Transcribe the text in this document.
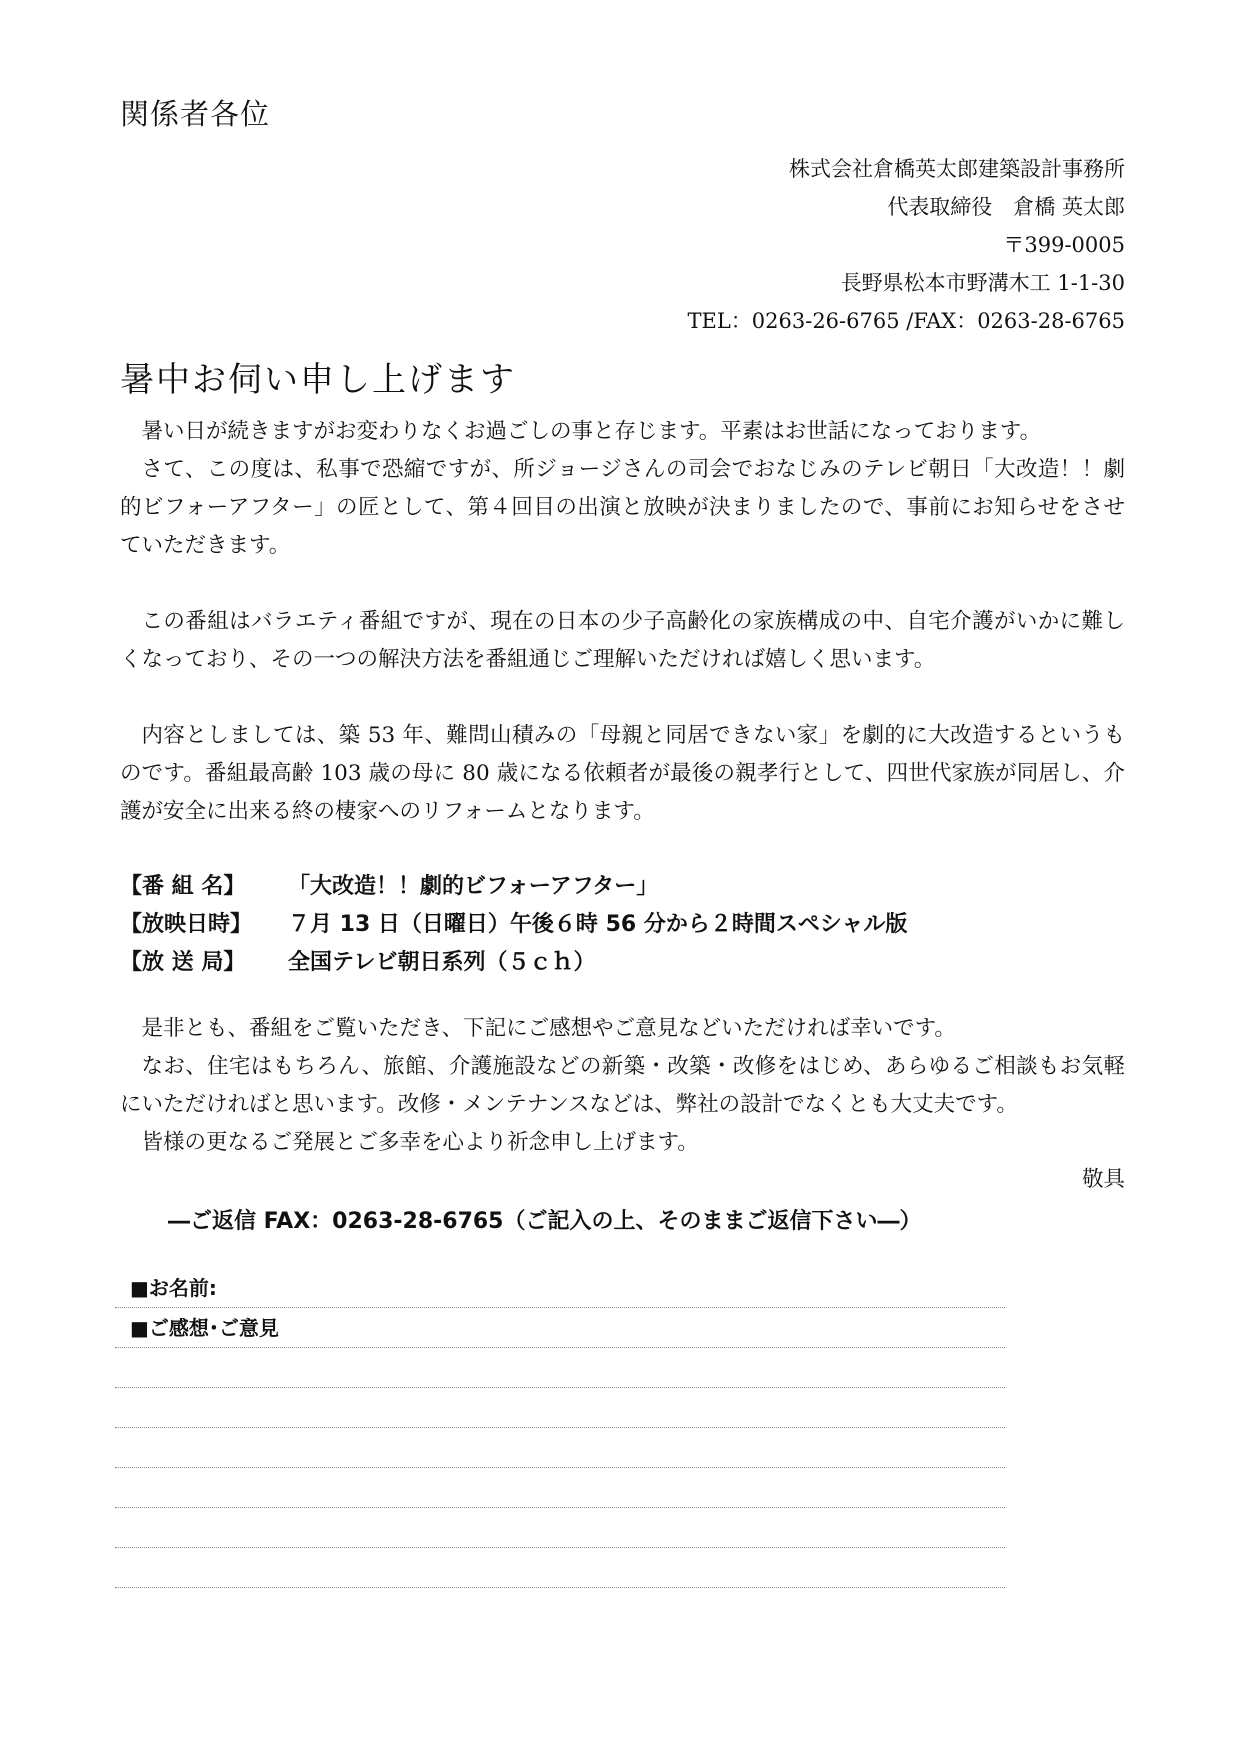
関係者各位
株式会社倉橋英太郎建築設計事務所
代表取締役　倉橋 英太郎
〒399-0005
長野県松本市野溝木工 1-1-30
TEL：0263-26-6765 /FAX：0263-28-6765
暑中お伺い申し上げます

暑い日が続きますがお変わりなくお過ごしの事と存じます。平素はお世話になっております。

さて、この度は、私事で恐縮ですが、所ジョージさんの司会でおなじみのテレビ朝日「大改造！！劇的ビフォーアフター」の匠として、第４回目の出演と放映が決まりましたので、事前にお知らせをさせていただきます。

この番組はバラエティ番組ですが、現在の日本の少子高齢化の家族構成の中、自宅介護がいかに難しくなっており、その一つの解決方法を番組通じご理解いただければ嬉しく思います。

内容としましては、築 53 年、難問山積みの「母親と同居できない家」を劇的に大改造するというものです。番組最高齢 103 歳の母に 80 歳になる依頼者が最後の親孝行として、四世代家族が同居し、介護が安全に出来る終の棲家へのリフォームとなります。

【番 組 名】	「大改造！！劇的ビフォーアフター」
【放映日時】	７月 13 日（日曜日）午後６時 56 分から２時間スペシャル版
【放 送 局】	全国テレビ朝日系列（５ｃｈ）

是非とも、番組をご覧いただき、下記にご感想やご意見などいただければ幸いです。

なお、住宅はもちろん、旅館、介護施設などの新築・改築・改修をはじめ、あらゆるご相談もお気軽にいただければと思います。改修・メンテナンスなどは、弊社の設計でなくとも大丈夫です。

皆様の更なるご発展とご多幸を心より祈念申し上げます。

敬具
―ご返信 FAX：0263-28-6765（ご記入の上、そのままご返信下さい―）
■お名前:
■ご感想･ご意見
